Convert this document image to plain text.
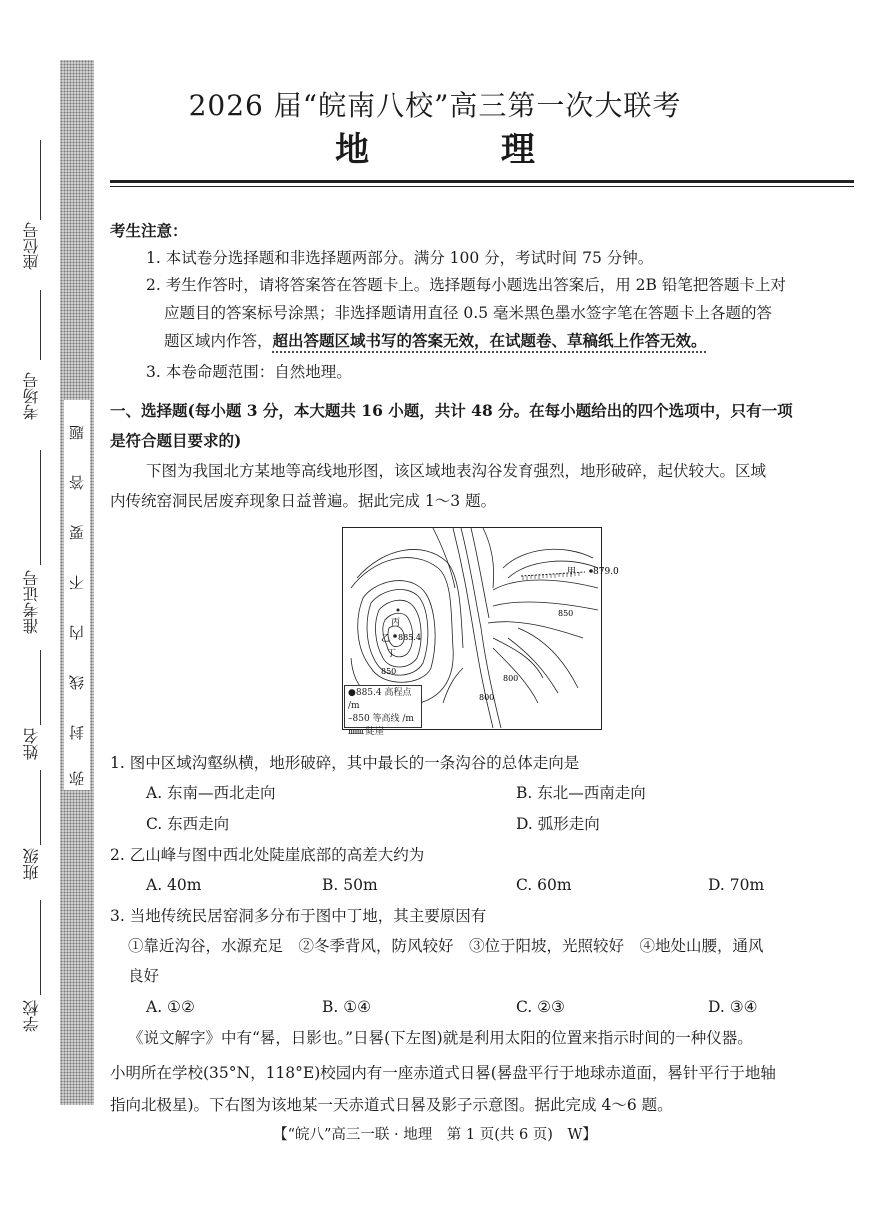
题
答
要
不
内
线
封
弥
座位号
考场号
准考证号
姓名
班级
学校
2026 届“皖南八校”高三第一次大联考
地 理
考生注意：
1. 本试卷分选择题和非选择题两部分。满分 100 分，考试时间 75 分钟。
2. 考生作答时，请将答案答在答题卡上。选择题每小题选出答案后，用 2B 铅笔把答题卡上对
应题目的答案标号涂黑；非选择题请用直径 0.5 毫米黑色墨水签字笔在答题卡上各题的答
题区域内作答，超出答题区域书写的答案无效，在试题卷、草稿纸上作答无效。
3. 本卷命题范围：自然地理。
一、选择题(每小题 3 分，本大题共 16 小题，共计 48 分。在每小题给出的四个选项中，只有一项
是符合题目要求的)
下图为我国北方某地等高线地形图，该区域地表沟谷发育强烈，地形破碎，起伏较大。区域
内传统窑洞民居废弃现象日益普遍。据此完成 1～3 题。
甲 879.0
丙
乙 885.4
丁
850
850
800
800
●885.4 高程点 /m
–850 等高线 /m
ıııııııı 陡崖
1. 图中区域沟壑纵横，地形破碎，其中最长的一条沟谷的总体走向是
A. 东南—西北走向	B. 东北—西南走向
C. 东西走向	D. 弧形走向
2. 乙山峰与图中西北处陡崖底部的高差大约为
A. 40m	B. 50m	C. 60m	D. 70m
3. 当地传统民居窑洞多分布于图中丁地，其主要原因有
①靠近沟谷，水源充足　②冬季背风，防风较好　③位于阳坡，光照较好　④地处山腰，通风
良好
A. ①②	B. ①④	C. ②③	D. ③④
《说文解字》中有“晷，日影也。”日晷(下左图)就是利用太阳的位置来指示时间的一种仪器。
小明所在学校(35°N，118°E)校园内有一座赤道式日晷(晷盘平行于地球赤道面，晷针平行于地轴
指向北极星)。下右图为该地某一天赤道式日晷及影子示意图。据此完成 4～6 题。
【“皖八”高三一联 · 地理　第 1 页(共 6 页)　W】
